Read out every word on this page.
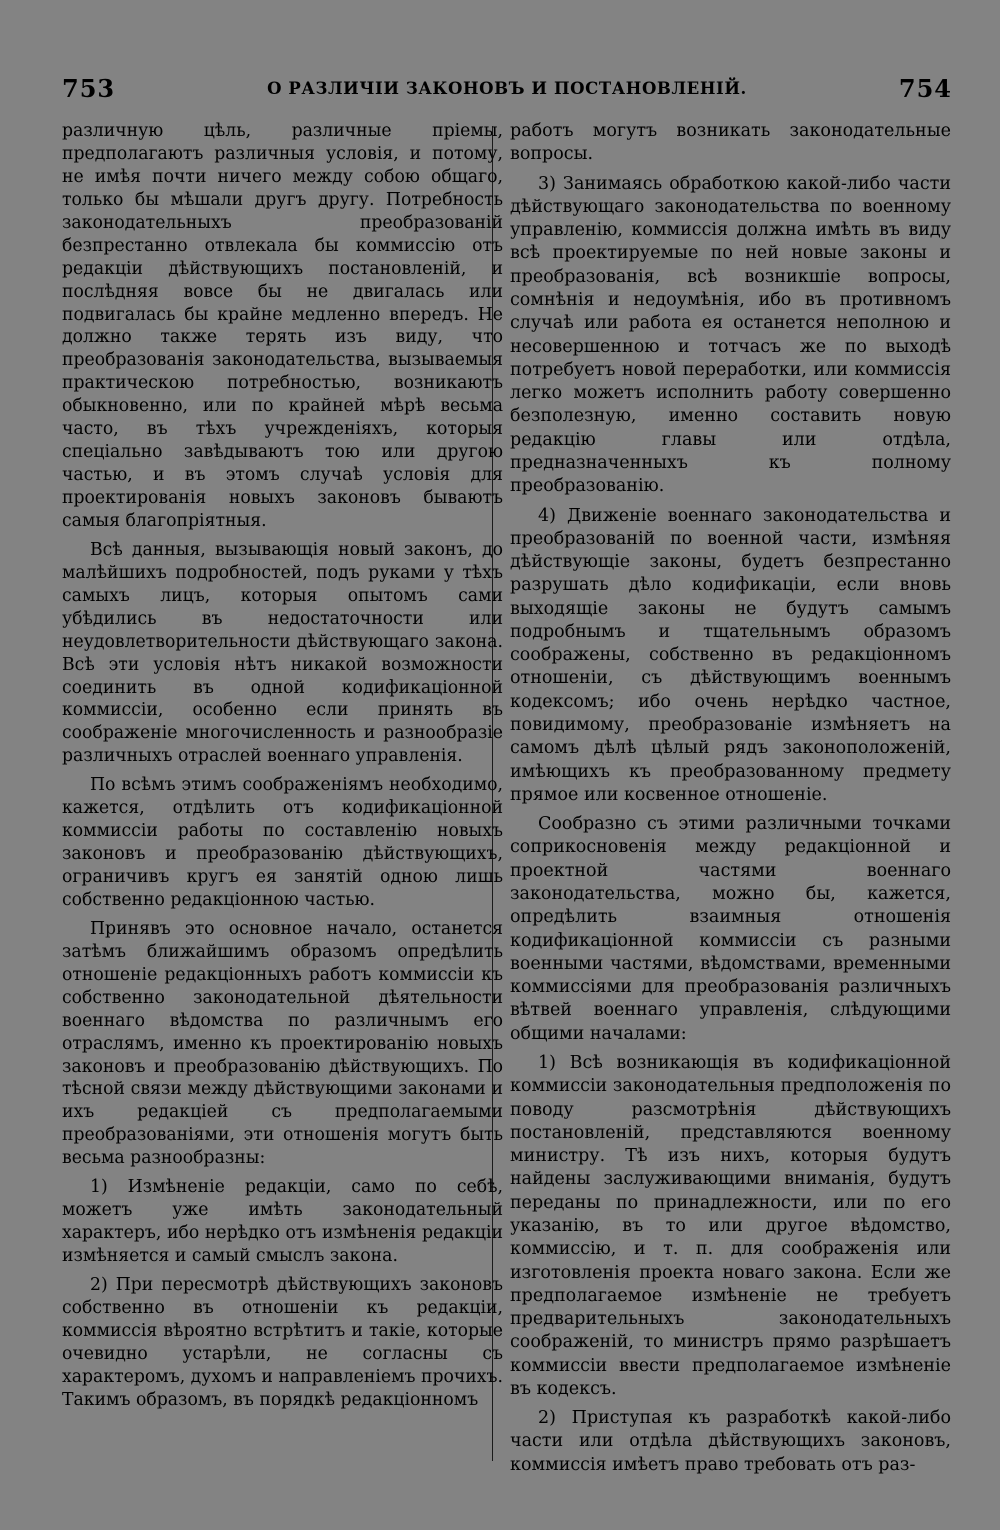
753	О РАЗЛИЧІИ ЗАКОНОВЪ И ПОСТАНОВЛЕНІЙ.	754

различную цѣль, различные пріемы, предполагаютъ различныя условія, и потому, не имѣя почти ничего между собою общаго, только бы мѣшали другъ другу. Потребность законодательныхъ преобразованій безпрестанно отвлекала бы коммиссію отъ редакціи дѣйствующихъ постановленій, и послѣдняя вовсе бы не двигалась или подвигалась бы крайне медленно впередъ. Не должно также терять изъ виду, что преобразованія законодательства, вызываемыя практическою потребностью, возникаютъ обыкновенно, или по крайней мѣрѣ весьма часто, въ тѣхъ учрежденіяхъ, которыя спеціально завѣдываютъ тою или другою частью, и въ этомъ случаѣ условія для проектированія новыхъ законовъ бываютъ самыя благопріятныя.

Всѣ данныя, вызывающія новый законъ, до малѣйшихъ подробностей, подъ руками у тѣхъ самыхъ лицъ, которыя опытомъ сами убѣдились въ недостаточности или неудовлетворительности дѣйствующаго закона. Всѣ эти условія нѣтъ никакой возможности соединить въ одной кодификаціонной коммиссіи, особенно если принять въ соображеніе многочисленность и разнообразіе различныхъ отраслей военнаго управленія.

По всѣмъ этимъ соображеніямъ необходимо, кажется, отдѣлить отъ кодификаціонной коммиссіи работы по составленію новыхъ законовъ и преобразованію дѣйствующихъ, ограничивъ кругъ ея занятій одною лишь собственно редакціонною частью.

Принявъ это основное начало, останется затѣмъ ближайшимъ образомъ опредѣлить отношеніе редакціонныхъ работъ коммиссіи къ собственно законодательной дѣятельности военнаго вѣдомства по различнымъ его отраслямъ, именно къ проектированію новыхъ законовъ и преобразованію дѣйствующихъ. По тѣсной связи между дѣйствующими законами и ихъ редакціей съ предполагаемыми преобразованіями, эти отношенія могутъ быть весьма разнообразны:

1) Измѣненіе редакціи, само по себѣ, можетъ уже имѣть законодательный характеръ, ибо нерѣдко отъ измѣненія редакціи измѣняется и самый смыслъ закона.

2) При пересмотрѣ дѣйствующихъ законовъ собственно въ отношеніи къ редакціи, коммиссія вѣроятно встрѣтитъ и такіе, которые очевидно устарѣли, не согласны съ характеромъ, духомъ и направленіемъ прочихъ. Такимъ образомъ, въ порядкѣ редакціонномъ

работъ могутъ возникать законодательные вопросы.

3) Занимаясь обработкою какой-либо части дѣйствующаго законодательства по военному управленію, коммиссія должна имѣть въ виду всѣ проектируемые по ней новые законы и преобразованія, всѣ возникшіе вопросы, сомнѣнія и недоумѣнія, ибо въ противномъ случаѣ или работа ея останется неполною и несовершенною и тотчасъ же по выходѣ потребуетъ новой переработки, или коммиссія легко можетъ исполнить работу совершенно безполезную, именно составить новую редакцію главы или отдѣла, предназначенныхъ къ полному преобразованію.

4) Движеніе военнаго законодательства и преобразованій по военной части, измѣняя дѣйствующіе законы, будетъ безпрестанно разрушать дѣло кодификаціи, если вновь выходящіе законы не будутъ самымъ подробнымъ и тщательнымъ образомъ соображены, собственно въ редакціонномъ отношеніи, съ дѣйствующимъ военнымъ кодексомъ; ибо очень нерѣдко частное, повидимому, преобразованіе измѣняетъ на самомъ дѣлѣ цѣлый рядъ законоположеній, имѣющихъ къ преобразованному предмету прямое или косвенное отношеніе.

Сообразно съ этими различными точками соприкосновенія между редакціонной и проектной частями военнаго законодательства, можно бы, кажется, опредѣлить взаимныя отношенія кодификаціонной коммиссіи съ разными военными частями, вѣдомствами, временными коммиссіями для преобразованія различныхъ вѣтвей военнаго управленія, слѣдующими общими началами:

1) Всѣ возникающія въ кодификаціонной коммиссіи законодательныя предположенія по поводу разсмотрѣнія дѣйствующихъ постановленій, представляются военному министру. Тѣ изъ нихъ, которыя будутъ найдены заслуживающими вниманія, будутъ переданы по принадлежности, или по его указанію, въ то или другое вѣдомство, коммиссію, и т. п. для соображенія или изготовленія проекта новаго закона. Если же предполагаемое измѣненіе не требуетъ предварительныхъ законодательныхъ соображеній, то министръ прямо разрѣшаетъ коммиссіи ввести предполагаемое измѣненіе въ кодексъ.

2) Приступая къ разработкѣ какой-либо части или отдѣла дѣйствующихъ законовъ, коммиссія имѣетъ право требовать отъ раз-
